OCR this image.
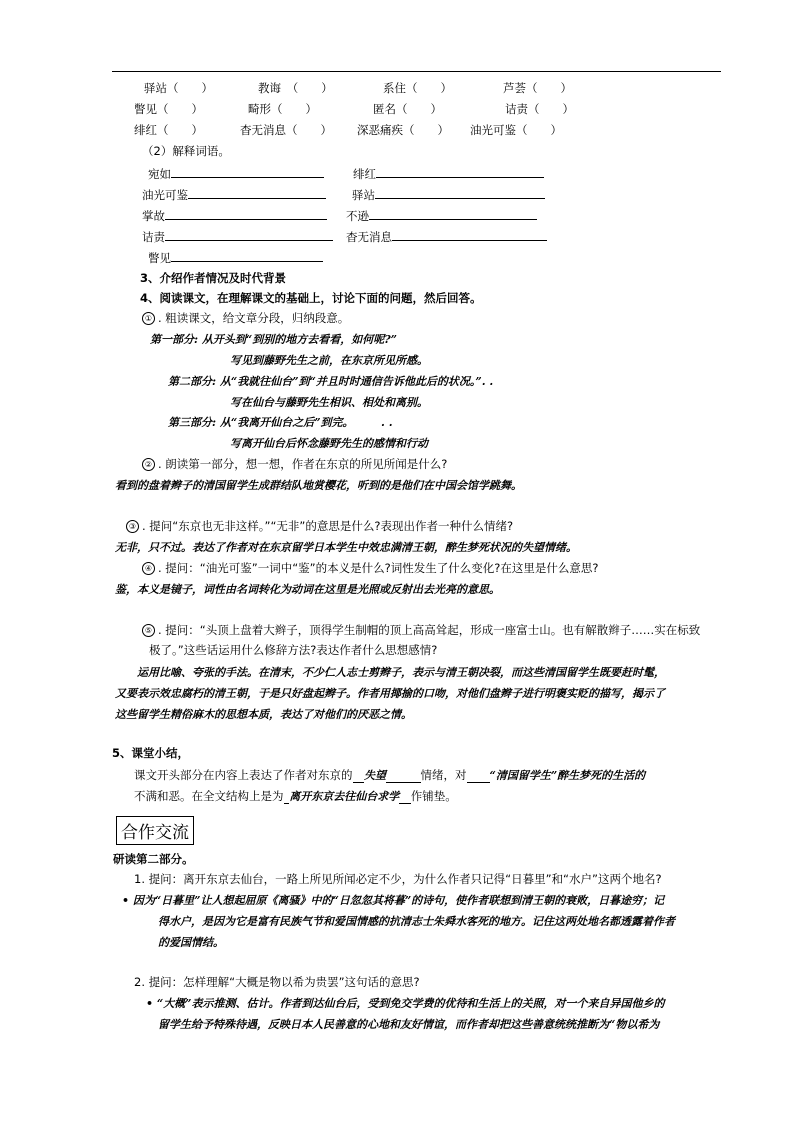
驿站（　　）	教诲　（　　）	系住（　　）	芦荟（　　）
瞥见（　　）	畸形（　　）	匿名（　　）	诘责（　　）
绯红（　　）	杳无消息（　　） 深恶痛疾（　　） 油光可鉴（　　）
（2）解释词语。
宛如	绯红
油光可鉴	驿站
掌故	不逊
诘责	杳无消息
瞥见
3、介绍作者情况及时代背景
4、阅读课文，在理解课文的基础上，讨论下面的问题，然后回答。
① . 粗读课文，给文章分段，归纳段意。
第一部分: 从开头到“到别的地方去看看，如何呢?”
写见到藤野先生之前，在东京所见所感。
第二部分: 从“我就往仙台”到“并且时时通信告诉他此后的状况。”. .
写在仙台与藤野先生相识、相处和离别。
第三部分: 从“我离开仙台之后”到完。　　　. .
写离开仙台后怀念藤野先生的感情和行动
② . 朗读第一部分，想一想，作者在东京的所见所闻是什么?
看到的盘着辫子的清国留学生成群结队地赏樱花，听到的是他们在中国会馆学跳舞。
③ . 提问“东京也无非这样。”“无非”的意思是什么?表现出作者一种什么情绪?
无非，只不过。表达了作者对在东京留学日本学生中效忠满清王朝，醉生梦死状况的失望情绪。
④ . 提问：“油光可鉴”一词中“鉴”的本义是什么?词性发生了什么变化?在这里是什么意思?
鉴，本义是镜子，词性由名词转化为动词在这里是光照或反射出去光亮的意思。
⑤ . 提问：“头顶上盘着大辫子，顶得学生制帽的顶上高高耸起，形成一座富士山。也有解散辫子……实在标致
极了。”这些话运用什么修辞方法?表达作者什么思想感情?
运用比喻、夸张的手法。在清末，不少仁人志士剪辫子，表示与清王朝决裂，而这些清国留学生既要赶时髦，
又要表示效忠腐朽的清王朝，于是只好盘起辫子。作者用揶揄的口吻，对他们盘辫子进行明褒实贬的描写，揭示了
这些留学生精俗麻木的思想本质，表达了对他们的厌恶之情。
5、课堂小结，
课文开头部分在内容上表达了作者对东京的  失望   	情绪，对   “清国留学生”醉生梦死的生活的
不满和恶。在全文结构上是为  离开东京去往仙台求学  作铺垫。
合作交流
研读第二部分。
1. 提问：离开东京去仙台，一路上所见所闻必定不少，为什么作者只记得“日暮里”和“水户”这两个地名?
• 因为“日暮里”让人想起屈原《离骚》中的“日忽忽其将暮”的诗句，使作者联想到清王朝的衰败，日暮途穷；记
得水户，是因为它是富有民族气节和爱国情感的抗清志士朱舜水客死的地方。记住这两处地名都透露着作者
的爱国情结。
2. 提问：怎样理解“大概是物以希为贵罢”这句话的意思?
• “大概”表示推测、估计。作者到达仙台后，受到免交学费的优待和生活上的关照，对一个来自异国他乡的
留学生给予特殊待遇，反映日本人民善意的心地和友好情谊，而作者却把这些善意统统推断为“物以希为
